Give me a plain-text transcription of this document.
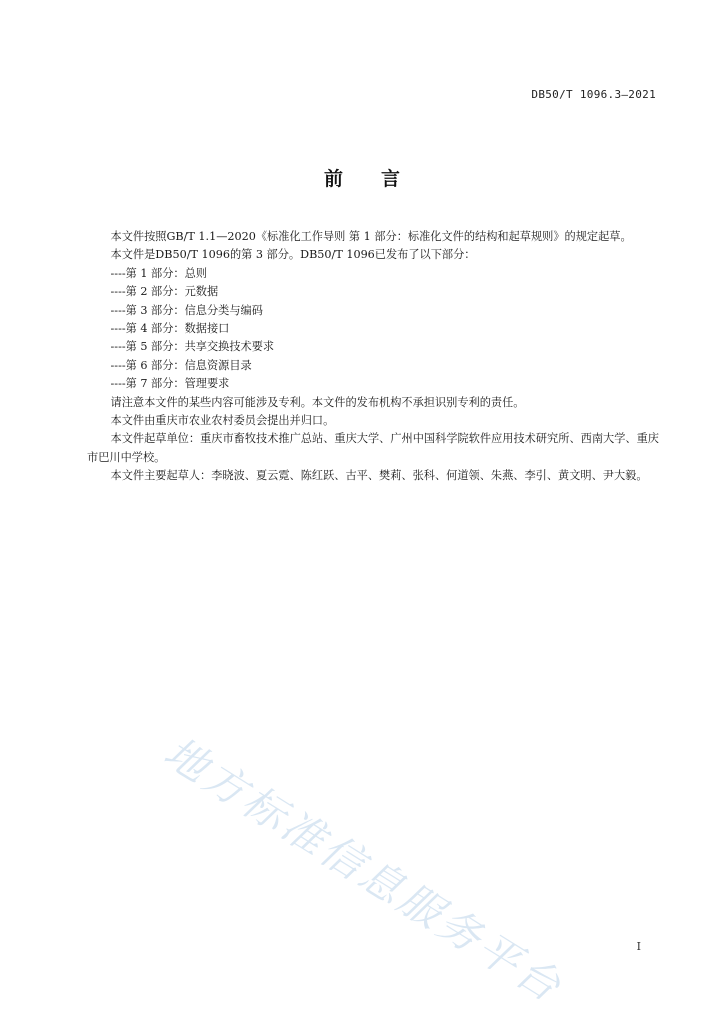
DB50/T 1096.3—2021
前言

本文件按照GB/T 1.1—2020《标准化工作导则 第 1 部分：标准化文件的结构和起草规则》的规定起草。

本文件是DB50/T 1096的第 3 部分。DB50/T 1096已发布了以下部分：

----第 1 部分：总则
----第 2 部分：元数据
----第 3 部分：信息分类与编码
----第 4 部分：数据接口
----第 5 部分：共享交换技术要求
----第 6 部分：信息资源目录
----第 7 部分：管理要求

请注意本文件的某些内容可能涉及专利。本文件的发布机构不承担识别专利的责任。

本文件由重庆市农业农村委员会提出并归口。

本文件起草单位：重庆市畜牧技术推广总站、重庆大学、广州中国科学院软件应用技术研究所、西南大学、重庆市巴川中学校。

本文件主要起草人：李晓波、夏云霓、陈红跃、古平、樊莉、张科、何道领、朱燕、李引、黄文明、尹大毅。

地方标准信息服务平台	I
